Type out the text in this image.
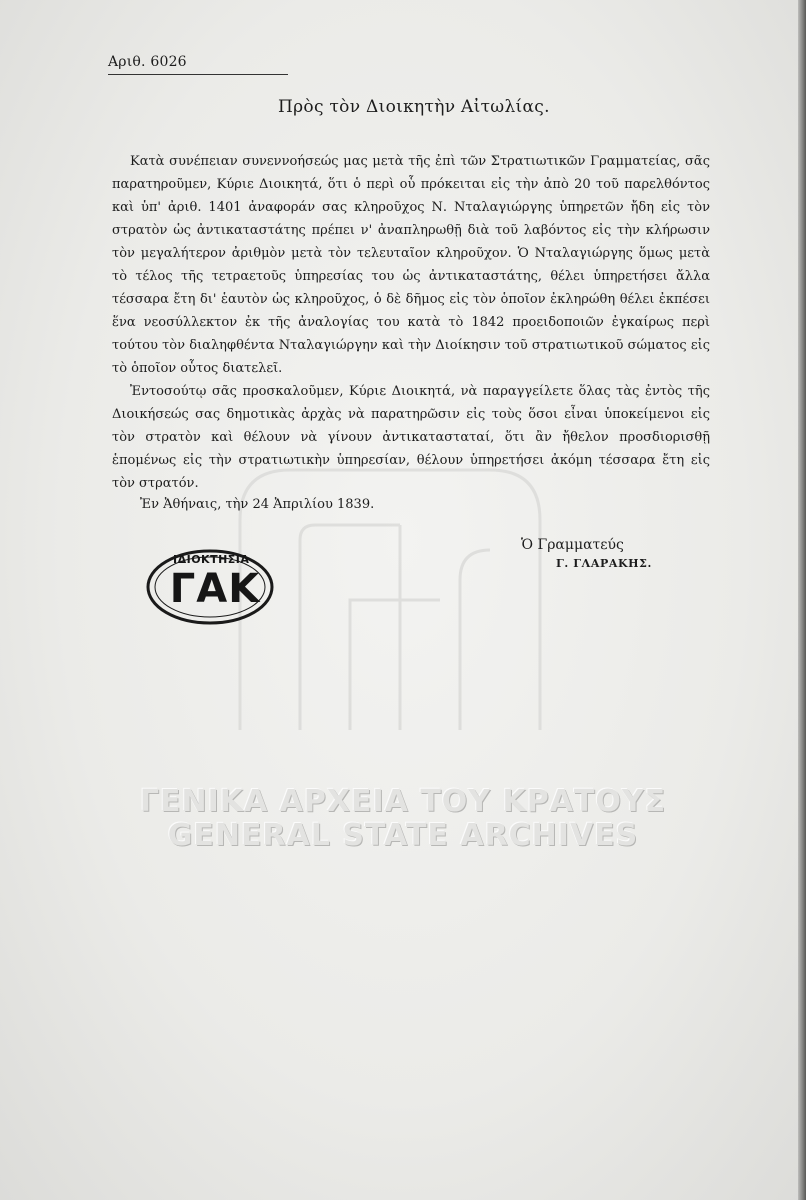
Αριθ. 6026
Πρὸς τὸν Διοικητὴν Αἰτωλίας.

Κατὰ συνέπειαν συνεννοήσεώς μας μετὰ τῆς ἐπὶ τῶν Στρατιωτικῶν Γραμματείας, σᾶς παρατηροῦμεν, Κύριε Διοικητά, ὅτι ὁ περὶ οὗ πρόκειται εἰς τὴν ἀπὸ 20 τοῦ παρελθόντος καὶ ὑπ' ἀριθ. 1401 ἀναφοράν σας κληροῦχος Ν. Νταλαγιώργης ὑπηρετῶν ἤδη εἰς τὸν στρατὸν ὡς ἀντικαταστάτης πρέπει ν' ἀναπληρωθῇ διὰ τοῦ λαβόντος εἰς τὴν κλήρωσιν τὸν μεγαλήτερον ἀριθμὸν μετὰ τὸν τελευταῖον κληροῦχον. Ὁ Νταλαγιώργης ὅμως μετὰ τὸ τέλος τῆς τετραετοῦς ὑπηρεσίας του ὡς ἀντικαταστάτης, θέλει ὑπηρετήσει ἄλλα τέσσαρα ἔτη δι' ἑαυτὸν ὡς κληροῦχος, ὁ δὲ δῆμος εἰς τὸν ὁποῖον ἐκληρώθη θέλει ἐκπέσει ἕνα νεοσύλλεκτον ἐκ τῆς ἀναλογίας του κατὰ τὸ 1842 προειδοποιῶν ἐγκαίρως περὶ τούτου τὸν διαληφθέντα Νταλαγιώργην καὶ τὴν Διοίκησιν τοῦ στρατιωτικοῦ σώματος εἰς τὸ ὁποῖον οὗτος διατελεῖ.

Ἐντοσούτῳ σᾶς προσκαλοῦμεν, Κύριε Διοικητά, νὰ παραγγείλετε ὅλας τὰς ἐντὸς τῆς Διοικήσεώς σας δημοτικὰς ἀρχὰς νὰ παρατηρῶσιν εἰς τοὺς ὅσοι εἶναι ὑποκείμενοι εἰς τὸν στρατὸν καὶ θέλουν νὰ γίνουν ἀντικατασταταί, ὅτι ἂν ἤθελον προσδιορισθῇ ἑπομένως εἰς τὴν στρατιωτικὴν ὑπηρεσίαν, θέλουν ὑπηρετήσει ἀκόμη τέσσαρα ἔτη εἰς τὸν στρατόν.

Ἐν Ἀθήναις, τὴν 24 Ἀπριλίου 1839.
Ὁ Γραμματεύς
Γ. ΓΛΑΡΑΚΗΣ.
ΙΔΙΟΚΤΗΣΙΑ
ΓΑΚ
ΓΕΝΙΚΑ ΑΡΧΕΙΑ ΤΟΥ ΚΡΑΤΟΥΣ
GENERAL STATE ARCHIVES
